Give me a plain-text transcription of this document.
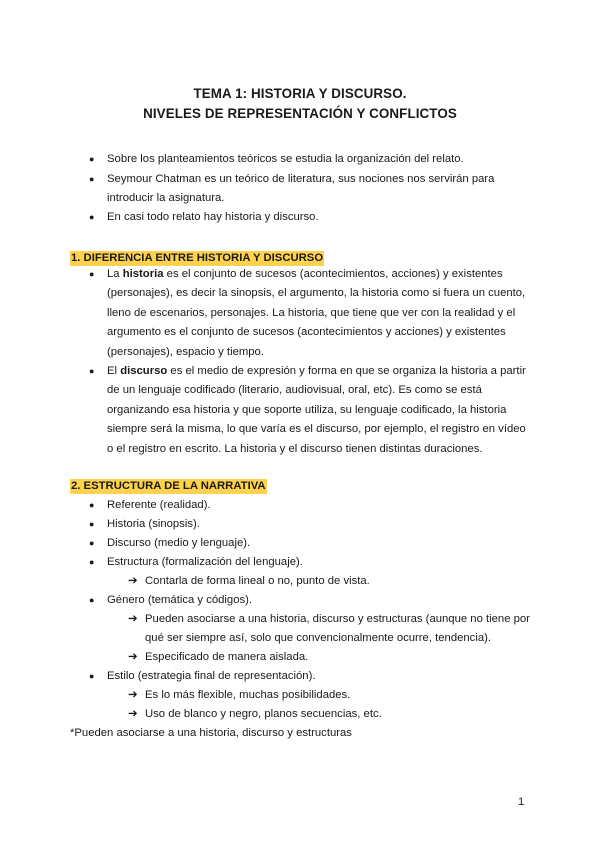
TEMA 1: HISTORIA Y DISCURSO.
NIVELES DE REPRESENTACIÓN Y CONFLICTOS
● Sobre los planteamientos teóricos se estudia la organización del relato.
● Seymour Chatman es un teórico de literatura, sus nociones nos servirán para
introducir la asignatura.
● En casi todo relato hay historia y discurso.
1. DIFERENCIA ENTRE HISTORIA Y DISCURSO
● La historia es el conjunto de sucesos (acontecimientos, acciones) y existentes (personajes), es decir la sinopsis, el argumento, la historia como si fuera un cuento, lleno de escenarios, personajes. La historia, que tiene que ver con la realidad y el argumento es el conjunto de sucesos (acontecimientos y acciones) y existentes (personajes), espacio y tiempo.
● El discurso es el medio de expresión y forma en que se organiza la historia a partir de un lenguaje codificado (literario, audiovisual, oral, etc). Es como se está organizando esa historia y que soporte utiliza, su lenguaje codificado, la historia siempre será la misma, lo que varía es el discurso, por ejemplo, el registro en vídeo o el registro en escrito. La historia y el discurso tienen distintas duraciones.
2. ESTRUCTURA DE LA NARRATIVA
● Referente (realidad).
● Historia (sinopsis).
● Discurso (medio y lenguaje).
● Estructura (formalización del lenguaje).
➔ Contarla de forma lineal o no, punto de vista.
● Género (temática y códigos).
➔ Pueden asociarse a una historia, discurso y estructuras (aunque no tiene por
qué ser siempre así, solo que convencionalmente ocurre, tendencia).
➔ Especificado de manera aislada.
● Estilo (estrategia final de representación).
➔ Es lo más flexible, muchas posibilidades.
➔ Uso de blanco y negro, planos secuencias, etc.
*Pueden asociarse a una historia, discurso y estructuras
1
